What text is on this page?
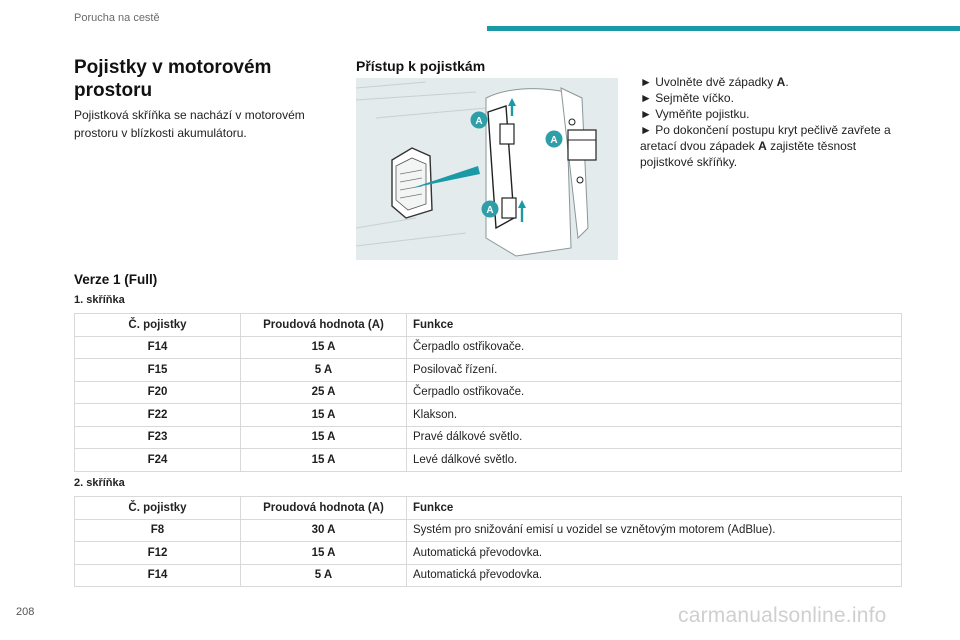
Porucha na cestě
Pojistky v motorovém prostoru

Pojistková skříňka se nachází v motorovém prostoru v blízkosti akumulátoru.

Přístup k pojistkám
A
A
A

► Uvolněte dvě západky A.

► Sejměte víčko.

► Vyměňte pojistku.

► Po dokončení postupu kryt pečlivě zavřete a aretací dvou západek A zajistěte těsnost pojistkové skříňky.

Verze 1 (Full)
1. skříňka
Č. pojistky	Proudová hodnota (A)	Funkce
F14	15 A	Čerpadlo ostřikovače.
F15	5 A	Posilovač řízení.
F20	25 A	Čerpadlo ostřikovače.
F22	15 A	Klakson.
F23	15 A	Pravé dálkové světlo.
F24	15 A	Levé dálkové světlo.
2. skříňka
Č. pojistky	Proudová hodnota (A)	Funkce
F8	30 A	Systém pro snižování emisí u vozidel se vznětovým motorem (AdBlue).
F12	15 A	Automatická převodovka.
F14	5 A	Automatická převodovka.
208	carmanualsonline.info
